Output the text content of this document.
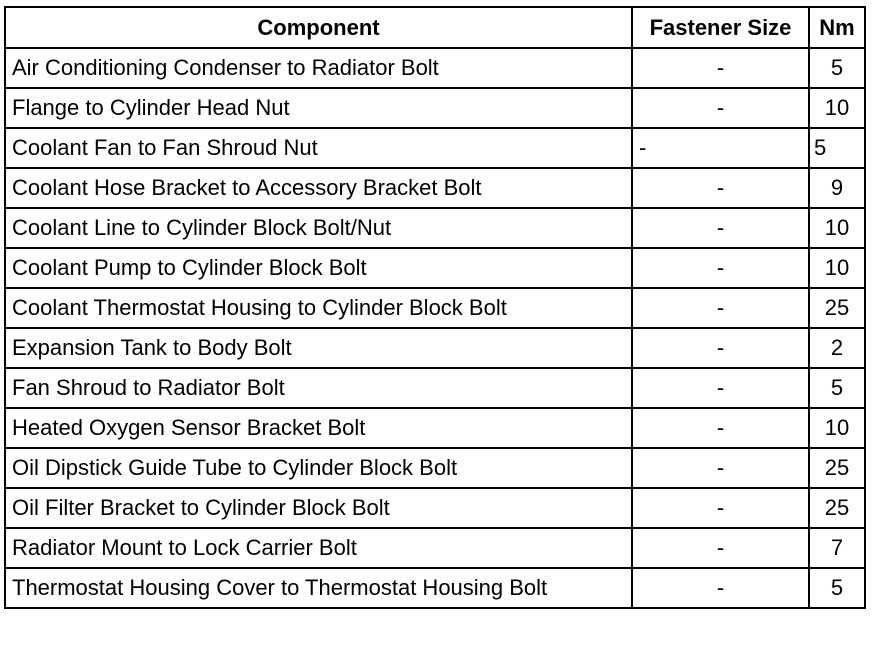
Component	Fastener Size	Nm
Air Conditioning Condenser to Radiator Bolt	-	5
Flange to Cylinder Head Nut	-	10
Coolant Fan to Fan Shroud Nut	-	5
Coolant Hose Bracket to Accessory Bracket Bolt	-	9
Coolant Line to Cylinder Block Bolt/Nut	-	10
Coolant Pump to Cylinder Block Bolt	-	10
Coolant Thermostat Housing to Cylinder Block Bolt	-	25
Expansion Tank to Body Bolt	-	2
Fan Shroud to Radiator Bolt	-	5
Heated Oxygen Sensor Bracket Bolt	-	10
Oil Dipstick Guide Tube to Cylinder Block Bolt	-	25
Oil Filter Bracket to Cylinder Block Bolt	-	25
Radiator Mount to Lock Carrier Bolt	-	7
Thermostat Housing Cover to Thermostat Housing Bolt	-	5
